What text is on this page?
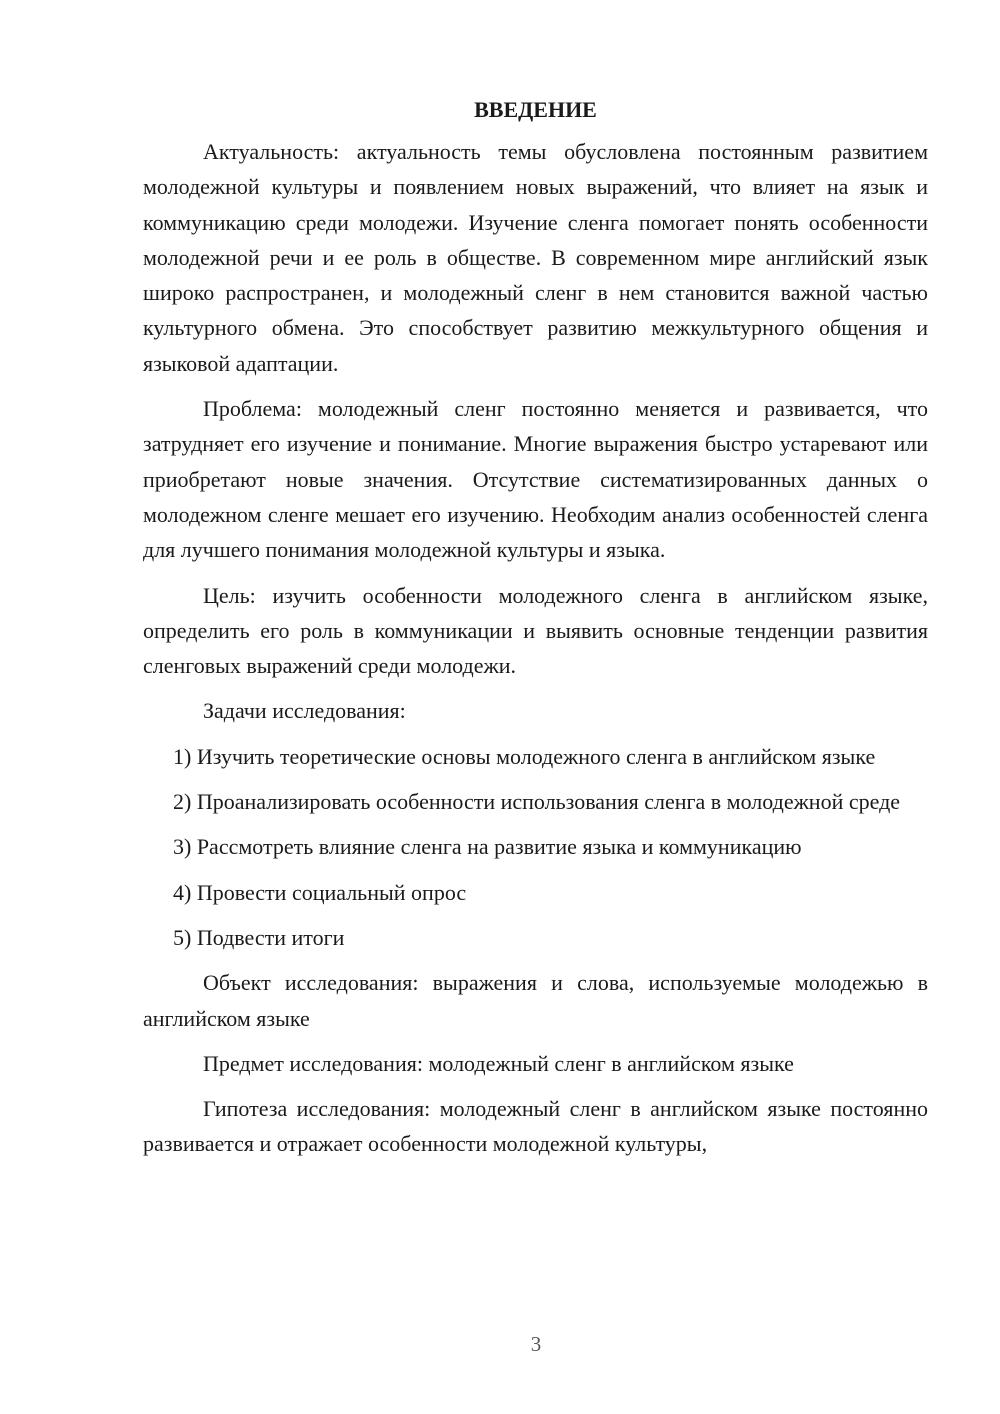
ВВЕДЕНИЕ

Актуальность: актуальность темы обусловлена постоянным развитием молодежной культуры и появлением новых выражений, что влияет на язык и коммуникацию среди молодежи. Изучение сленга помогает понять особенности молодежной речи и ее роль в обществе. В современном мире английский язык широко распространен, и молодежный сленг в нем становится важной частью культурного обмена. Это способствует развитию межкультурного общения и языковой адаптации.

Проблема: молодежный сленг постоянно меняется и развивается, что затрудняет его изучение и понимание. Многие выражения быстро устаревают или приобретают новые значения. Отсутствие систематизированных данных о молодежном сленге мешает его изучению. Необходим анализ особенностей сленга для лучшего понимания молодежной культуры и языка.

Цель: изучить особенности молодежного сленга в английском языке, определить его роль в коммуникации и выявить основные тенденции развития сленговых выражений среди молодежи.

Задачи исследования:

1) Изучить теоретические основы молодежного сленга в английском языке

2) Проанализировать особенности использования сленга в молодежной среде

3) Рассмотреть влияние сленга на развитие языка и коммуникацию

4) Провести социальный опрос

5) Подвести итоги

Объект исследования: выражения и слова, используемые молодежью в английском языке

Предмет исследования: молодежный сленг в английском языке

Гипотеза исследования: молодежный сленг в английском языке постоянно развивается и отражает особенности молодежной культуры,

3
